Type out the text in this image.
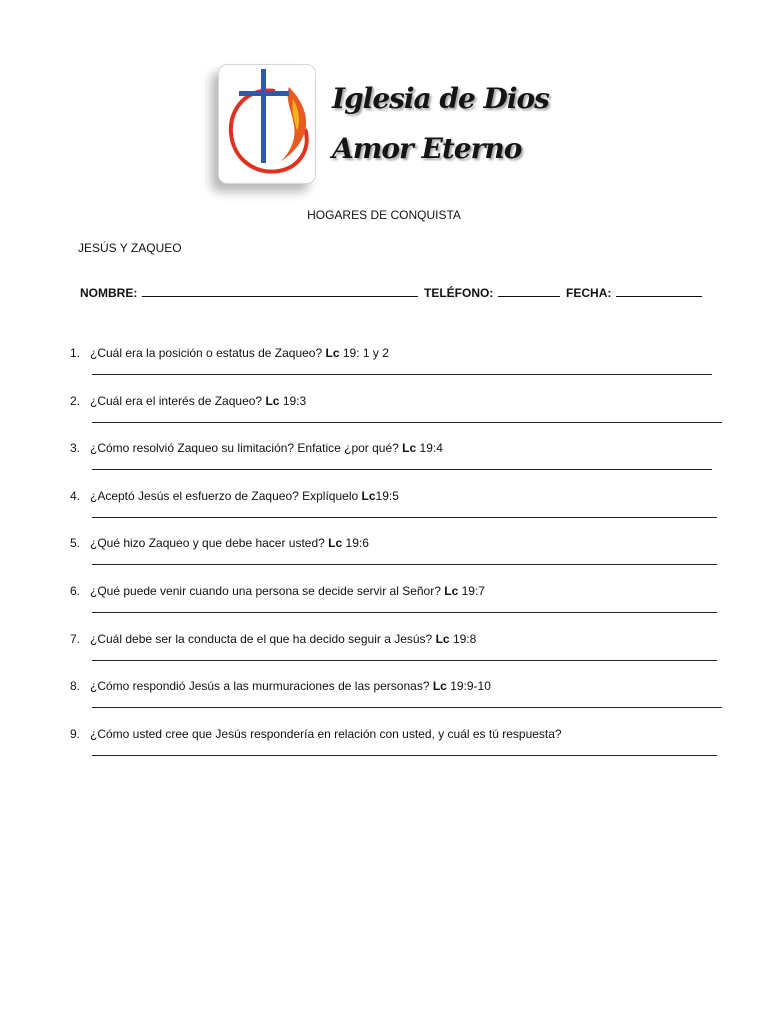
Iglesia de Dios

Amor Eterno

HOGARES DE CONQUISTA

JESÚS Y ZAQUEO

NOMBRE:	TELÉFONO:	FECHA:
1. ¿Cuál era la posición o estatus de Zaqueo? Lc 19: 1 y 2
2. ¿Cuál era el interés de Zaqueo? Lc 19:3
3. ¿Cómo resolvió Zaqueo su limitación? Enfatice ¿por qué? Lc 19:4
4. ¿Aceptó Jesús el esfuerzo de Zaqueo? Explíquelo Lc19:5
5. ¿Qué hizo Zaqueo y que debe hacer usted? Lc 19:6
6. ¿Qué puede venir cuando una persona se decide servir al Señor? Lc 19:7
7. ¿Cuál debe ser la conducta de el que ha decido seguir a Jesús? Lc 19:8
8. ¿Cómo respondió Jesús a las murmuraciones de las personas? Lc 19:9-10
9. ¿Cómo usted cree que Jesús respondería en relación con usted, y cuál es tú respuesta?
